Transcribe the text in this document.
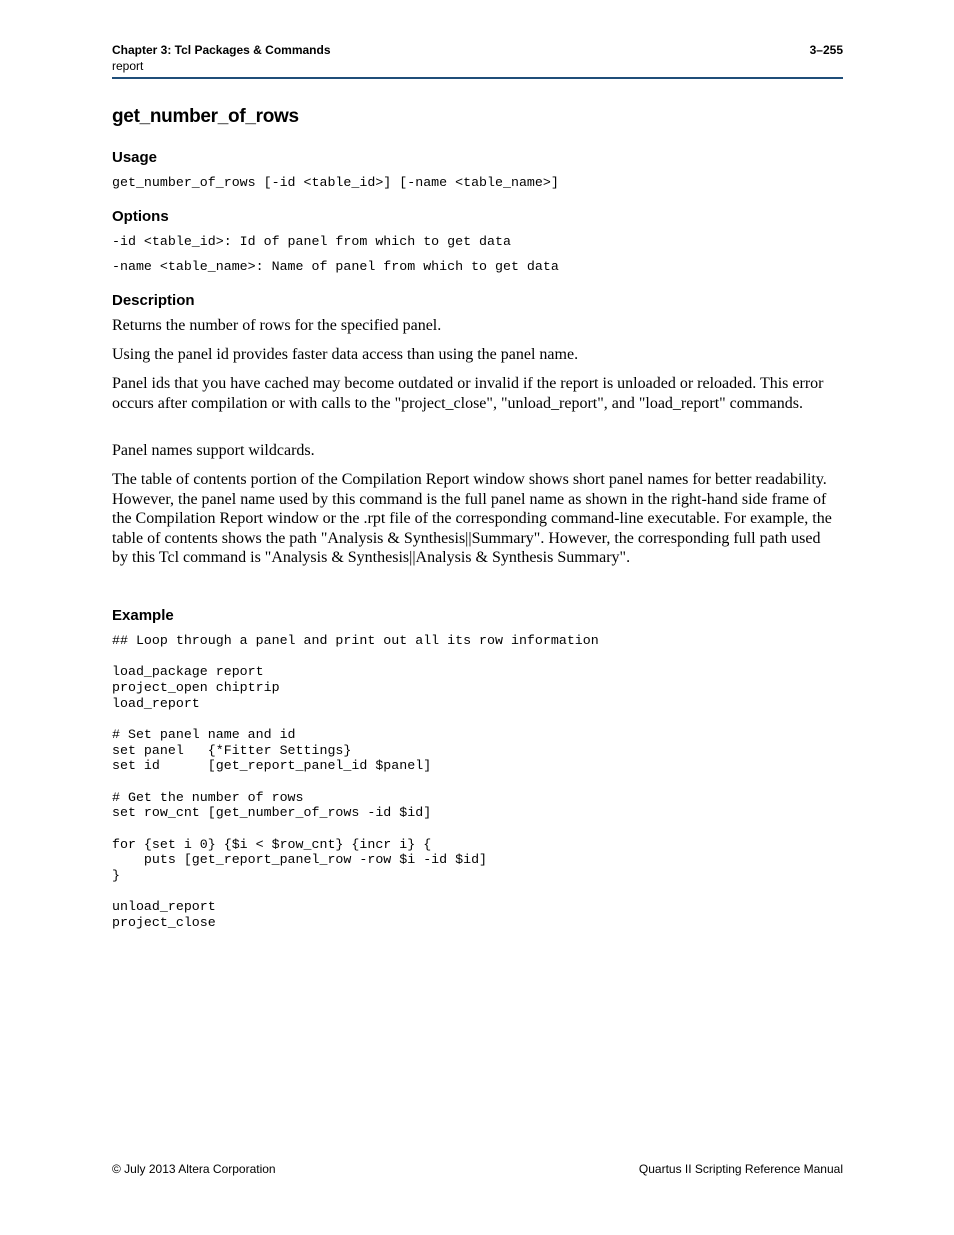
Chapter 3: Tcl Packages & Commands
report
3–255
get_number_of_rows
Usage
get_number_of_rows [-id <table_id>] [-name <table_name>]
Options
-id <table_id>: Id of panel from which to get data
-name <table_name>: Name of panel from which to get data
Description

Returns the number of rows for the specified panel.

Using the panel id provides faster data access than using the panel name.

Panel ids that you have cached may become outdated or invalid if the report is unloaded or reloaded. This error occurs after compilation or with calls to the "project_close", "unload_report", and "load_report" commands.

Panel names support wildcards.

The table of contents portion of the Compilation Report window shows short panel names for better readability. However, the panel name used by this command is the full panel name as shown in the right-hand side frame of the Compilation Report window or the .rpt file of the corresponding command-line executable. For example, the table of contents shows the path "Analysis & Synthesis||Summary". However, the corresponding full path used by this Tcl command is "Analysis & Synthesis||Analysis & Synthesis Summary".

Example
## Loop through a panel and print out all its row information

load_package report
project_open chiptrip
load_report

# Set panel name and id
set panel   {*Fitter Settings}
set id      [get_report_panel_id $panel]

# Get the number of rows
set row_cnt [get_number_of_rows -id $id]

for {set i 0} {$i < $row_cnt} {incr i} {
puts [get_report_panel_row -row $i -id $id]
}

unload_report
project_close
© July 2013 Altera Corporation	Quartus II Scripting Reference Manual
